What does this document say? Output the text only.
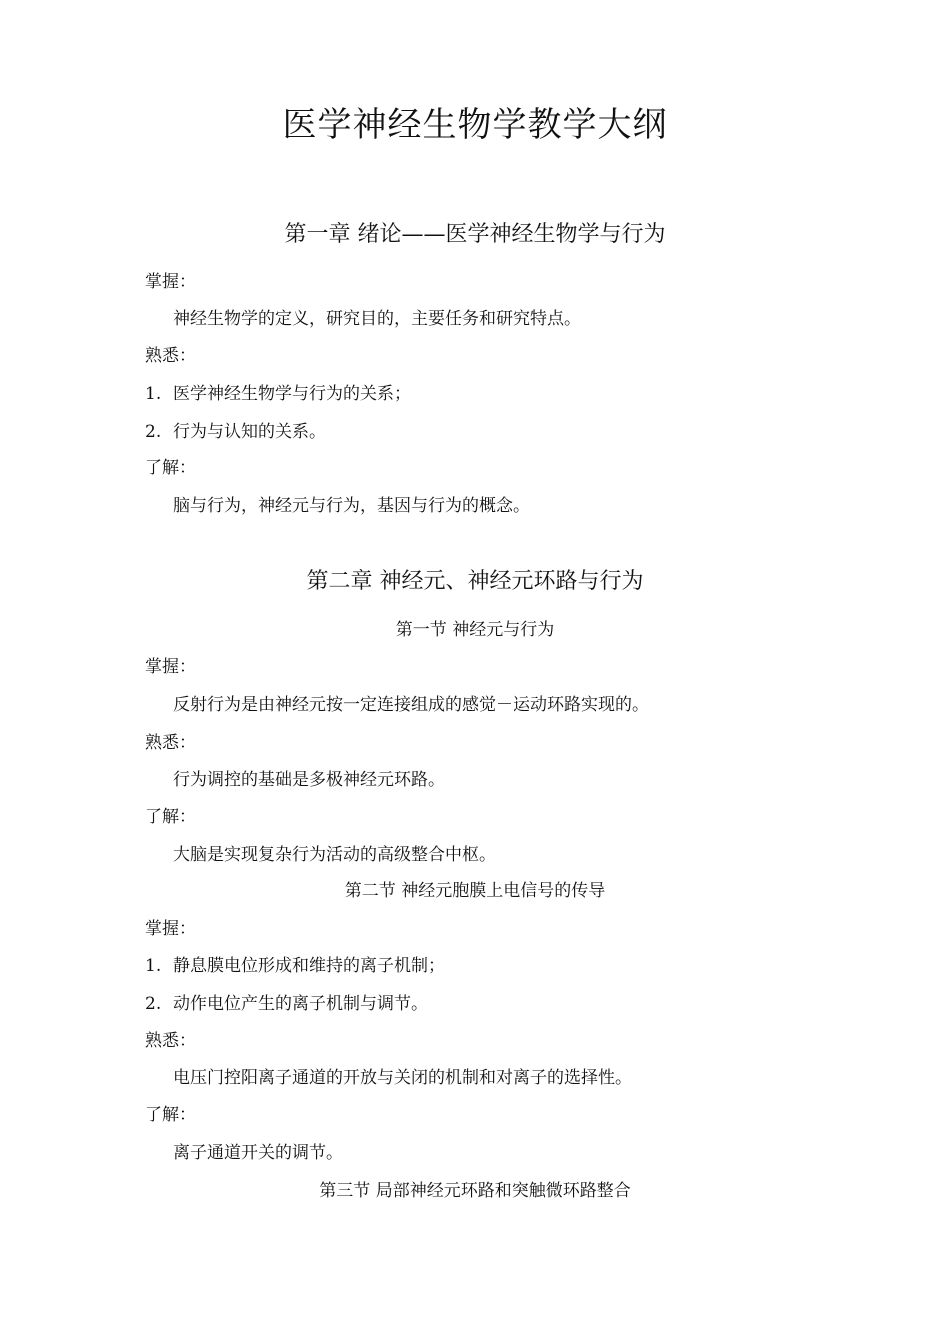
医学神经生物学教学大纲
第一章 绪论——医学神经生物学与行为
掌握：
神经生物学的定义，研究目的，主要任务和研究特点。
熟悉：
1. 医学神经生物学与行为的关系；
2. 行为与认知的关系。
了解：
脑与行为，神经元与行为，基因与行为的概念。
第二章 神经元、神经元环路与行为
第一节 神经元与行为
掌握：
反射行为是由神经元按一定连接组成的感觉－运动环路实现的。
熟悉：
行为调控的基础是多极神经元环路。
了解：
大脑是实现复杂行为活动的高级整合中枢。
第二节 神经元胞膜上电信号的传导
掌握：
1. 静息膜电位形成和维持的离子机制；
2. 动作电位产生的离子机制与调节。
熟悉：
电压门控阳离子通道的开放与关闭的机制和对离子的选择性。
了解：
离子通道开关的调节。
第三节 局部神经元环路和突触微环路整合
